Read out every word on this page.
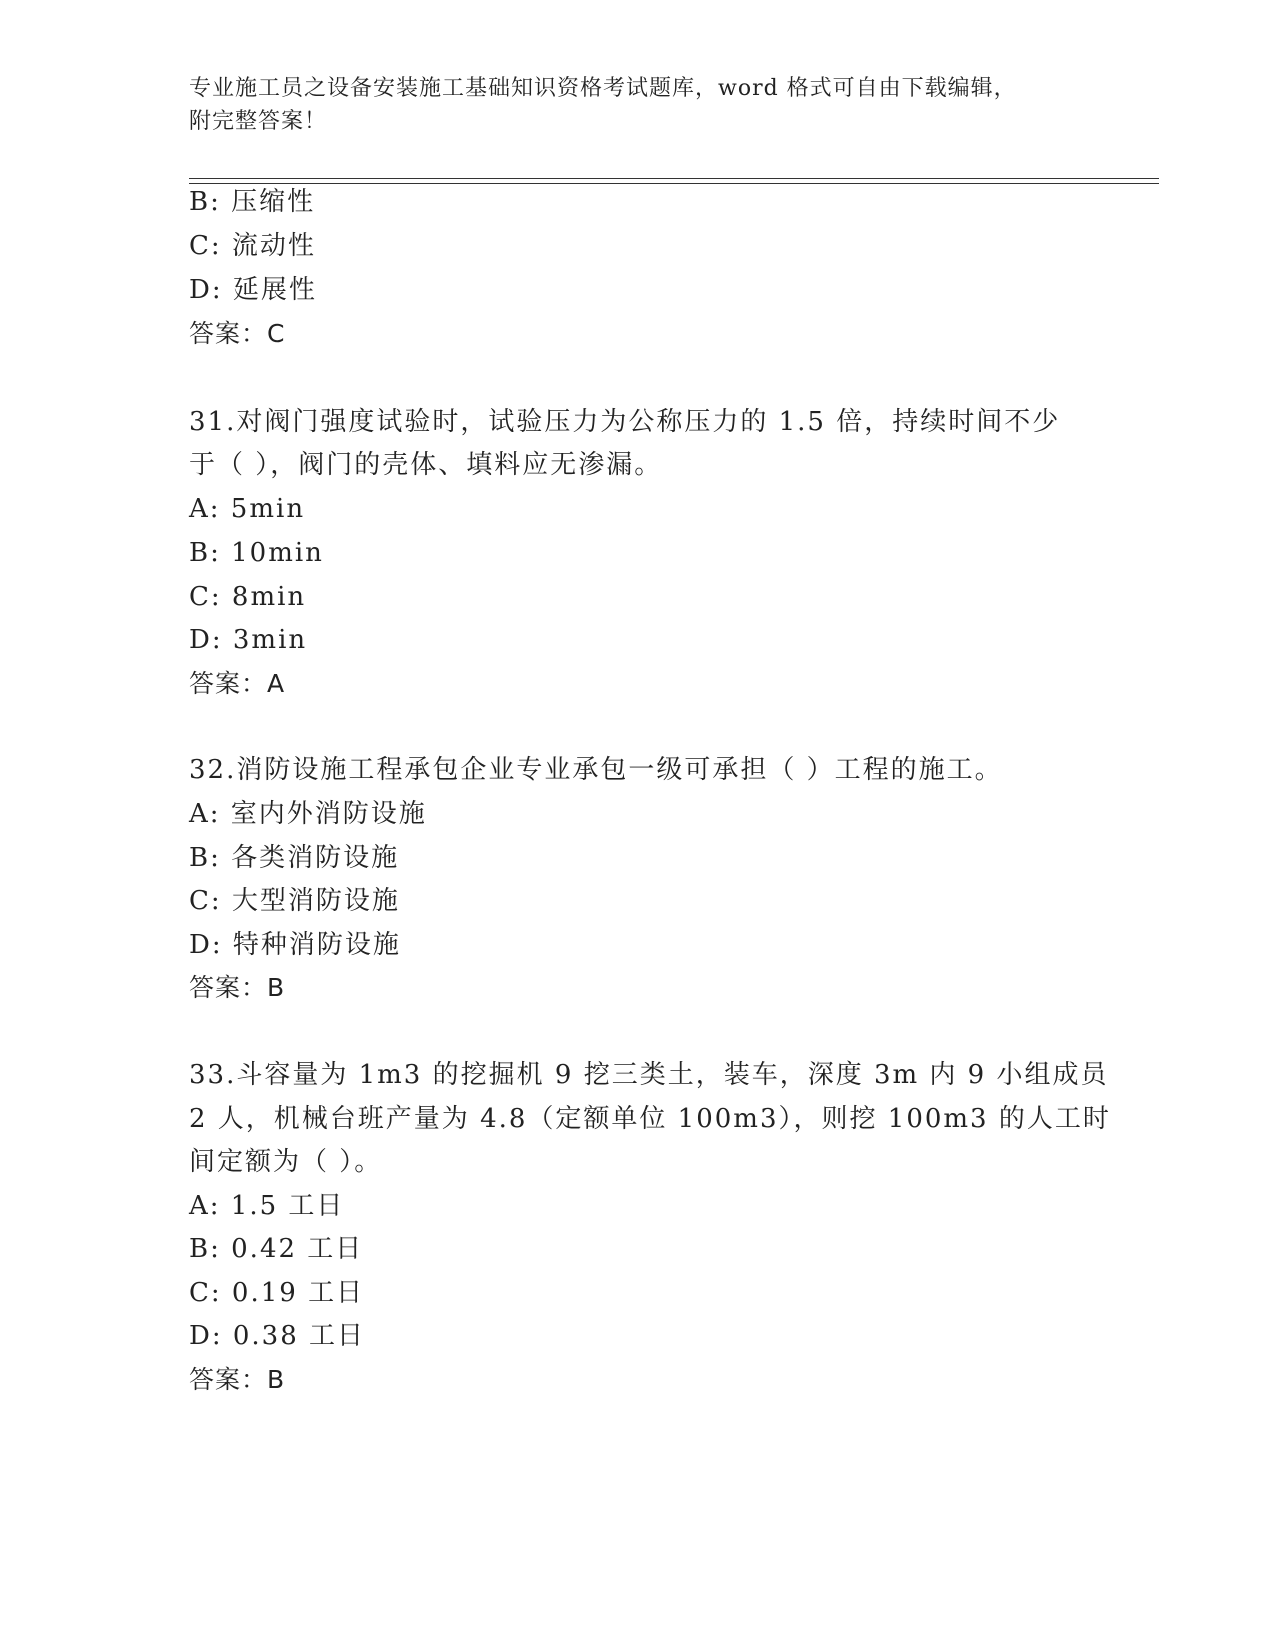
专业施工员之设备安装施工基础知识资格考试题库，word 格式可自由下载编辑，
附完整答案！
B: 压缩性
C: 流动性
D: 延展性
答案：C
31.对阀门强度试验时，试验压力为公称压力的 1.5 倍，持续时间不少
于（ ），阀门的壳体、填料应无渗漏。
A: 5min
B: 10min
C: 8min
D: 3min
答案：A
32.消防设施工程承包企业专业承包一级可承担（ ）工程的施工。
A: 室内外消防设施
B: 各类消防设施
C: 大型消防设施
D: 特种消防设施
答案：B
33.斗容量为 1m3 的挖掘机 9 挖三类土，装车，深度 3m 内 9 小组成员
2 人，机械台班产量为 4.8（定额单位 100m3），则挖 100m3 的人工时
间定额为（ ）。
A: 1.5 工日
B: 0.42 工日
C: 0.19 工日
D: 0.38 工日
答案：B
